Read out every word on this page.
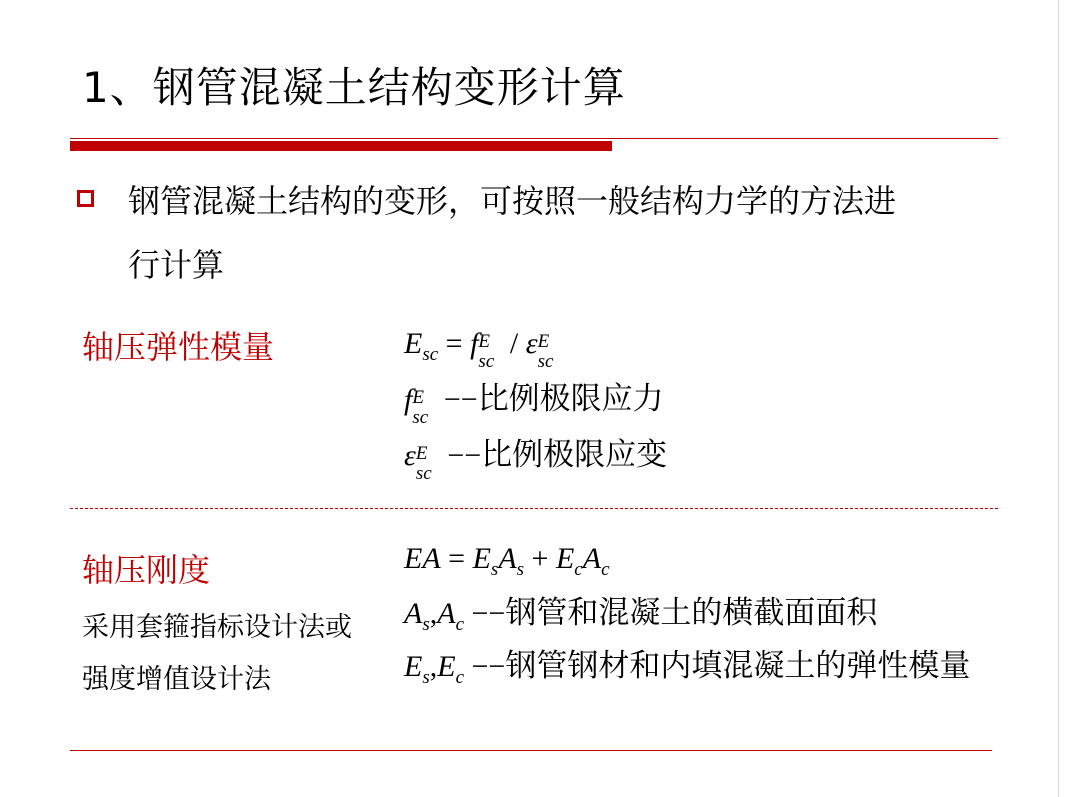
1、钢管混凝土结构变形计算
钢管混凝土结构的变形，可按照一般结构力学的方法进
行计算
轴压弹性模量	$E_{sc} = f$ E
sc
/ ε E
sc
f E
sc
−−比例极限应力
ε E
sc
−−比例极限应变
轴压刚度
采用套箍指标设计法或
强度增值设计法
EA = $E_sA_s + E_cA_c$
$A_s,A_c$ −−钢管和混凝土的横截面面积
$E_s,E_c$ −−钢管钢材和内填混凝土的弹性模量
